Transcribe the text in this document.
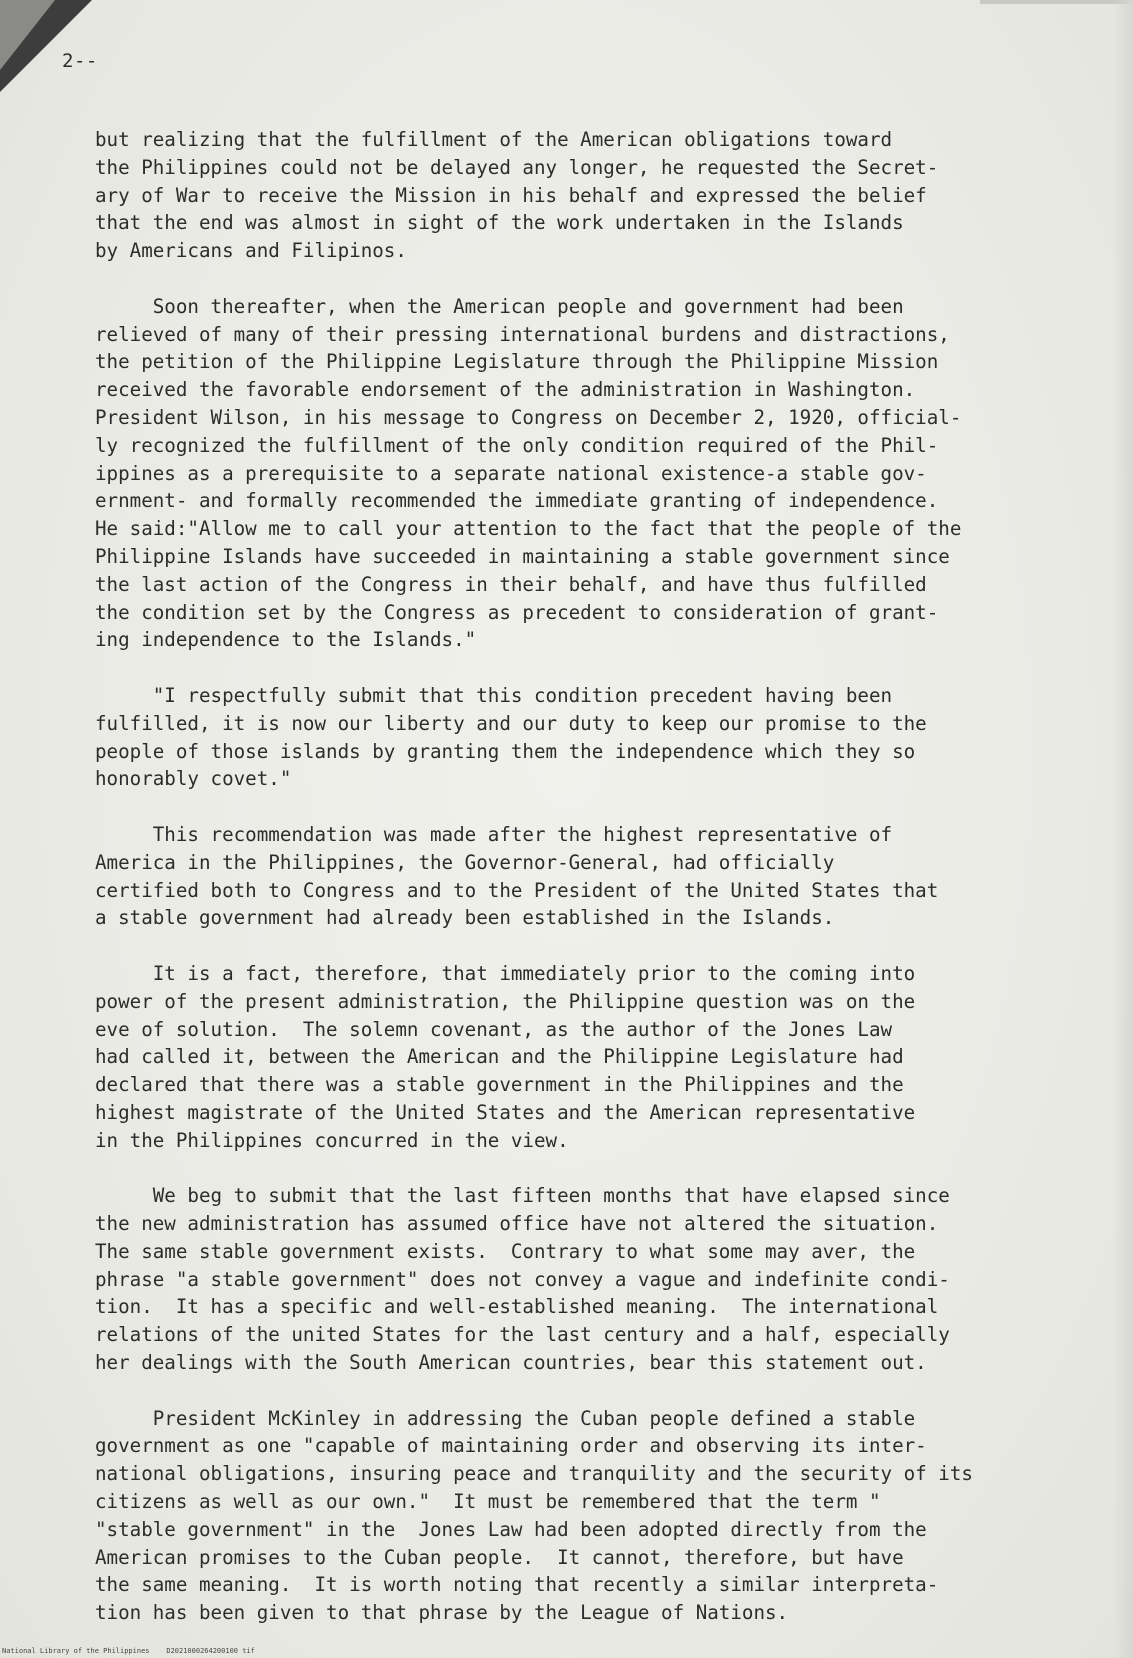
2--
but realizing that the fulfillment of the American obligations toward
the Philippines could not be delayed any longer, he requested the Secret-
ary of War to receive the Mission in his behalf and expressed the belief
that the end was almost in sight of the work undertaken in the Islands
by Americans and Filipinos.
Soon thereafter, when the American people and government had been
relieved of many of their pressing international burdens and distractions,
the petition of the Philippine Legislature through the Philippine Mission
received the favorable endorsement of the administration in Washington.
President Wilson, in his message to Congress on December 2, 1920, official-
ly recognized the fulfillment of the only condition required of the Phil-
ippines as a prerequisite to a separate national existence-a stable gov-
ernment- and formally recommended the immediate granting of independence.
He said:"Allow me to call your attention to the fact that the people of the
Philippine Islands have succeeded in maintaining a stable government since
the last action of the Congress in their behalf, and have thus fulfilled
the condition set by the Congress as precedent to consideration of grant-
ing independence to the Islands."
"I respectfully submit that this condition precedent having been
fulfilled, it is now our liberty and our duty to keep our promise to the
people of those islands by granting them the independence which they so
honorably covet."
This recommendation was made after the highest representative of
America in the Philippines, the Governor-General, had officially
certified both to Congress and to the President of the United States that
a stable government had already been established in the Islands.
It is a fact, therefore, that immediately prior to the coming into
power of the present administration, the Philippine question was on the
eve of solution.  The solemn covenant, as the author of the Jones Law
had called it, between the American and the Philippine Legislature had
declared that there was a stable government in the Philippines and the
highest magistrate of the United States and the American representative
in the Philippines concurred in the view.
We beg to submit that the last fifteen months that have elapsed since
the new administration has assumed office have not altered the situation.
The same stable government exists.  Contrary to what some may aver, the
phrase "a stable government" does not convey a vague and indefinite condi-
tion.  It has a specific and well-established meaning.  The international
relations of the united States for the last century and a half, especially
her dealings with the South American countries, bear this statement out.
President McKinley in addressing the Cuban people defined a stable
government as one "capable of maintaining order and observing its inter-
national obligations, insuring peace and tranquility and the security of its
citizens as well as our own."  It must be remembered that the term "
"stable government" in the  Jones Law had been adopted directly from the
American promises to the Cuban people.  It cannot, therefore, but have
the same meaning.  It is worth noting that recently a similar interpreta-
tion has been given to that phrase by the League of Nations.
National Library of the Philippines    D2021000264200100 tif
